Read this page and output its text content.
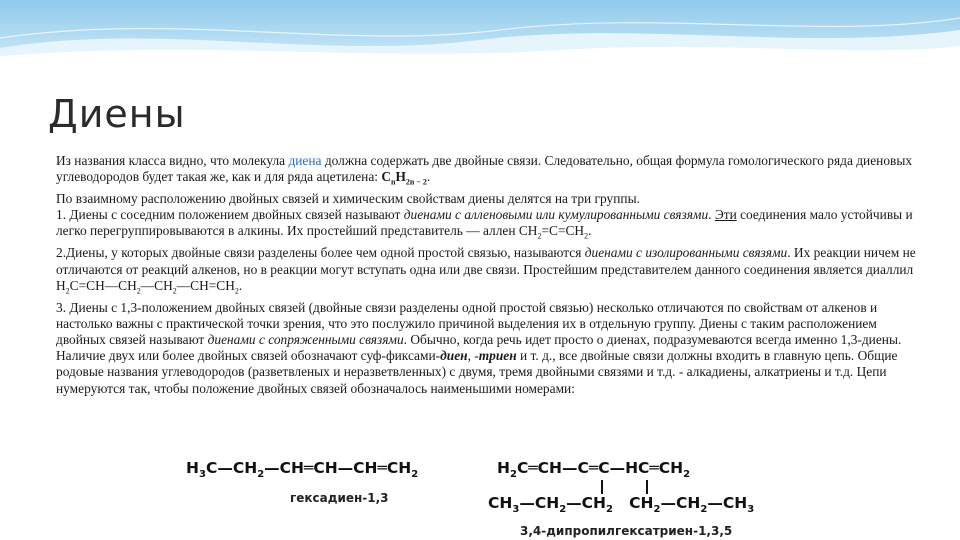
Диены

Из названия класса видно, что молекула диена должна содержать две двойные связи. Следовательно, общая формула гомологического ряда диеновых углеводородов будет такая же, как и для ряда ацетилена: $C_nH_{2n - 2}$.

По взаимному расположению двойных связей и химическим свойствам диены делятся на три группы.

1. Диены с соседним положением двойных связей называют диенами с алленовыми или кумулированными связями. Эти соединения мало устойчивы и легко перегруппировываются в алкины. Их простейший представитель — аллен $CH_2=C=CH_2$.

2.Диены, у которых двойные связи разделены более чем одной простой связью, называются диенами с изолированными связями. Их реакции ничем не отличаются от реакций алкенов, но в реакции могут вступать одна или две связи. Простейшим представителем данного соединения является диаллил
$H_2C=CH—CH_2—CH_2—CH=CH_2$.

3. Диены с 1,3-положением двойных связей (двойные связи разделены одной простой связью) несколько отличаются по свойствам от алкенов и настолько важны с практической точки зрения, что это послужило причиной выделения их в отдельную группу. Диены с таким расположением двойных связей называют диенами с сопряженными связями. Обычно, когда речь идет просто о диенах, подразумеваются всегда именно 1,3-диены.

Наличие двух или более двойных связей обозначают суф-фиксами-диен, -триен и т. д., все двойные связи должны входить в главную цепь. Общие родовые названия углеводородов (разветвленых и неразветвленных) с двумя, тремя двойными связями и т.д. - алкадиены, алкатриены и т.д. Цепи нумеруются так, чтобы положение двойных связей обозначалось наименьшими номерами:

$H_3C—CH_2—CH═CH—CH═CH_2$
гексадиен-1,3
$H_2C═CH—C═C—HC═CH_2$
$CH_3—CH_2—CH_2$   $CH_2—CH_2—CH_3$
3,4-дипропилгексатриен-1,3,5
